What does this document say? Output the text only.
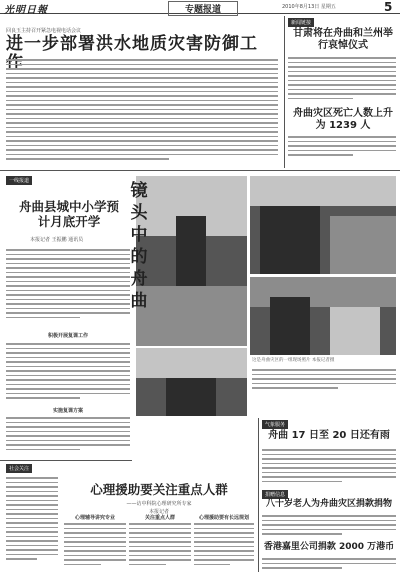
光明日報	专题报道	2010年8月13日 星期五	5
回良玉主持召开紧急电视电话会议
进一步部署洪水地质灾害防御工
新闻链接
甘肃将在舟曲和兰州举行哀悼仪式
舟曲灾区死亡人数上升为 1239 人
一线报道
舟曲县城中小学预计月底开学
本报记者 王振鹏 通讯员
积极开展复课工作
实施复课方案
镜头中的舟曲
这是舟曲灾区的一组现场照片 本报记者摄
社会关注
心理援助要关注重点人群
——访中科院心理研究所专家
本报记者
心理辅导讲究专业	关注重点人群	心理援助要有长远规划
气象服务
舟曲 17 日至 20 日还有雨
捐赠信息
八十岁老人为舟曲灾区捐款捐物
香港嘉里公司捐款 2000 万港币
